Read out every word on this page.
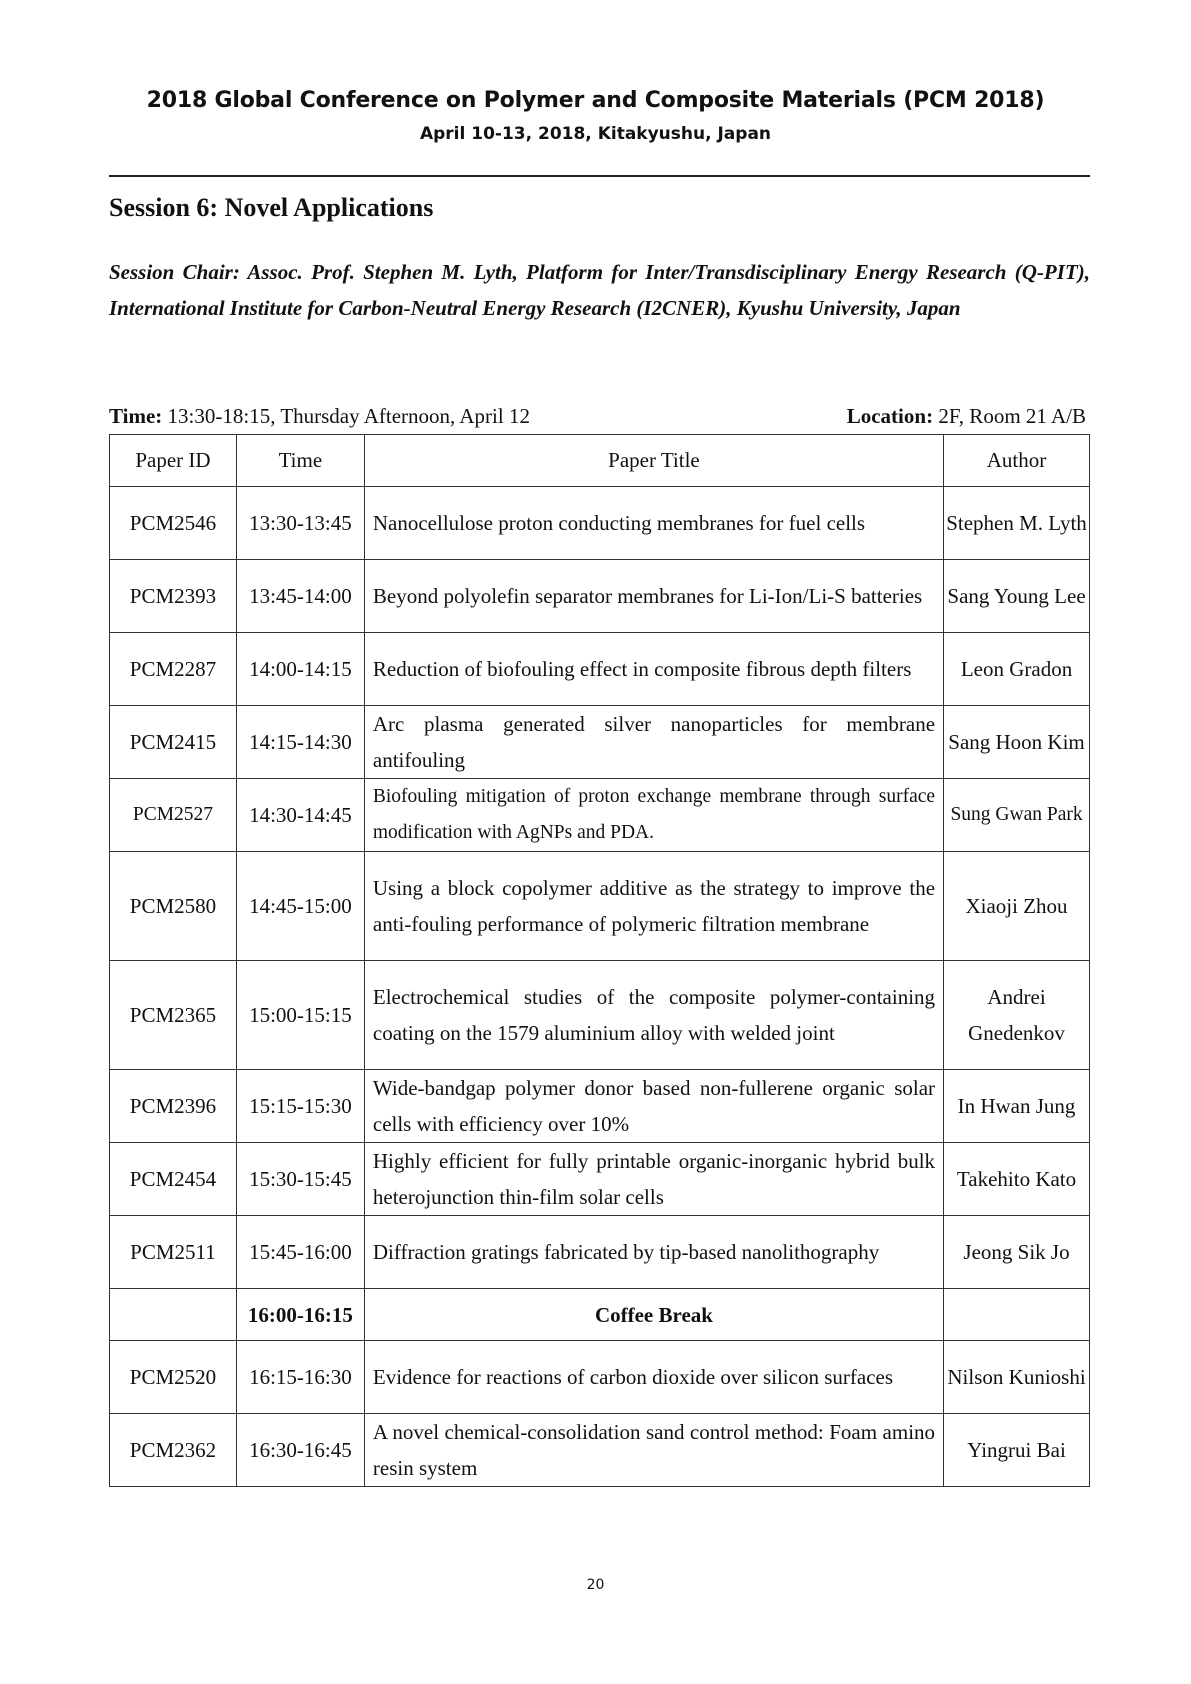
2018 Global Conference on Polymer and Composite Materials (PCM 2018)
April 10-13, 2018, Kitakyushu, Japan
Session 6: Novel Applications
Session Chair: Assoc. Prof. Stephen M. Lyth, Platform for Inter/Transdisciplinary Energy Research (Q-PIT), International Institute for Carbon-Neutral Energy Research (I2CNER), Kyushu University, Japan
Time: 13:30-18:15, Thursday Afternoon, April 12	Location: 2F, Room 21 A/B
Paper ID	Time	Paper Title	Author
PCM2546	13:30-13:45	Nanocellulose proton conducting membranes for fuel cells	Stephen M. Lyth
PCM2393	13:45-14:00	Beyond polyolefin separator membranes for Li-Ion/Li-S batteries	Sang Young Lee
PCM2287	14:00-14:15	Reduction of biofouling effect in composite fibrous depth filters	Leon Gradon
PCM2415	14:15-14:30	Arc plasma generated silver nanoparticles for membrane antifouling	Sang Hoon Kim
PCM2527	14:30-14:45	Biofouling mitigation of proton exchange membrane through surface modification with AgNPs and PDA.	Sung Gwan Park
PCM2580	14:45-15:00	Using a block copolymer additive as the strategy to improve the anti-fouling performance of polymeric filtration membrane	Xiaoji Zhou
PCM2365	15:00-15:15	Electrochemical studies of the composite polymer-containing coating on the 1579 aluminium alloy with welded joint	Andrei Gnedenkov
PCM2396	15:15-15:30	Wide-bandgap polymer donor based non-fullerene organic solar cells with efficiency over 10%	In Hwan Jung
PCM2454	15:30-15:45	Highly efficient for fully printable organic-inorganic hybrid bulk heterojunction thin-film solar cells	Takehito Kato
PCM2511	15:45-16:00	Diffraction gratings fabricated by tip-based nanolithography	Jeong Sik Jo
	16:00-16:15	Coffee Break	
PCM2520	16:15-16:30	Evidence for reactions of carbon dioxide over silicon surfaces	Nilson Kunioshi
PCM2362	16:30-16:45	A novel chemical-consolidation sand control method: Foam amino resin system	Yingrui Bai
20
